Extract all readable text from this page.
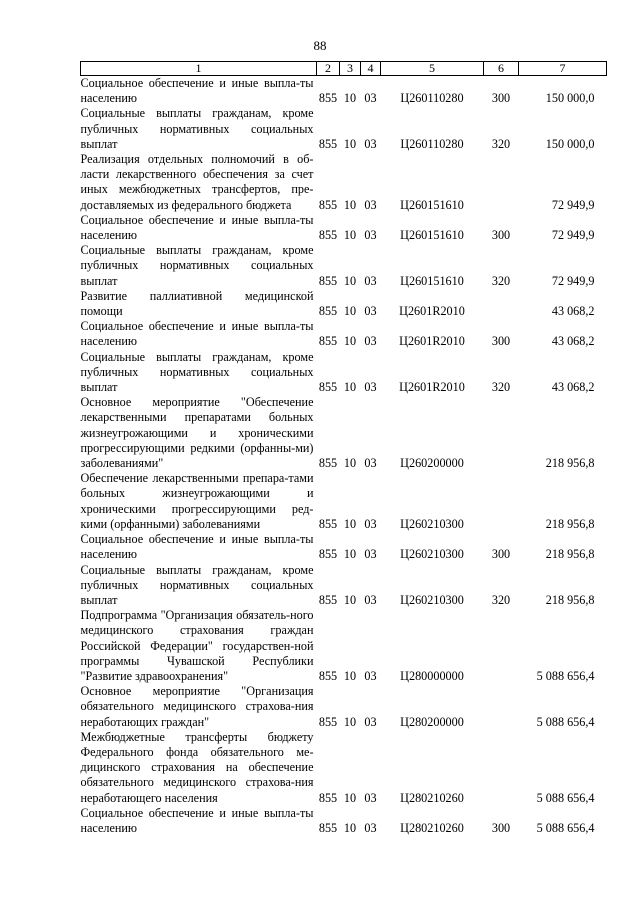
88
1	2	3	4	5	6	7
Социальное обеспечение и иные выпла-ты населению	855	10	03	Ц260110280	300	150 000,0
Социальные выплаты гражданам, кроме публичных нормативных социальных выплат	855	10	03	Ц260110280	320	150 000,0
Реализация отдельных полномочий в об-ласти лекарственного обеспечения за счет иных межбюджетных трансфертов, пре-доставляемых из федерального бюджета	855	10	03	Ц260151610		72 949,9
Социальное обеспечение и иные выпла-ты населению	855	10	03	Ц260151610	300	72 949,9
Социальные выплаты гражданам, кроме публичных нормативных социальных выплат	855	10	03	Ц260151610	320	72 949,9
Развитие паллиативной медицинской помощи	855	10	03	Ц2601R2010		43 068,2
Социальное обеспечение и иные выпла-ты населению	855	10	03	Ц2601R2010	300	43 068,2
Социальные выплаты гражданам, кроме публичных нормативных социальных выплат	855	10	03	Ц2601R2010	320	43 068,2
Основное мероприятие "Обеспечение лекарственными препаратами больных жизнеугрожающими и хроническими прогрессирующими редкими (орфанны-ми) заболеваниями"	855	10	03	Ц260200000		218 956,8
Обеспечение лекарственными препара-тами больных жизнеугрожающими и хроническими прогрессирующими ред-кими (орфанными) заболеваниями	855	10	03	Ц260210300		218 956,8
Социальное обеспечение и иные выпла-ты населению	855	10	03	Ц260210300	300	218 956,8
Социальные выплаты гражданам, кроме публичных нормативных социальных выплат	855	10	03	Ц260210300	320	218 956,8
Подпрограмма "Организация обязатель-ного медицинского страхования граждан Российской Федерации" государствен-ной программы Чувашской Республики "Развитие здравоохранения"	855	10	03	Ц280000000		5 088 656,4
Основное мероприятие "Организация обязательного медицинского страхова-ния неработающих граждан"	855	10	03	Ц280200000		5 088 656,4
Межбюджетные трансферты бюджету Федерального фонда обязательного ме-дицинского страхования на обеспечение обязательного медицинского страхова-ния неработающего населения	855	10	03	Ц280210260		5 088 656,4
Социальное обеспечение и иные выпла-ты населению	855	10	03	Ц280210260	300	5 088 656,4
